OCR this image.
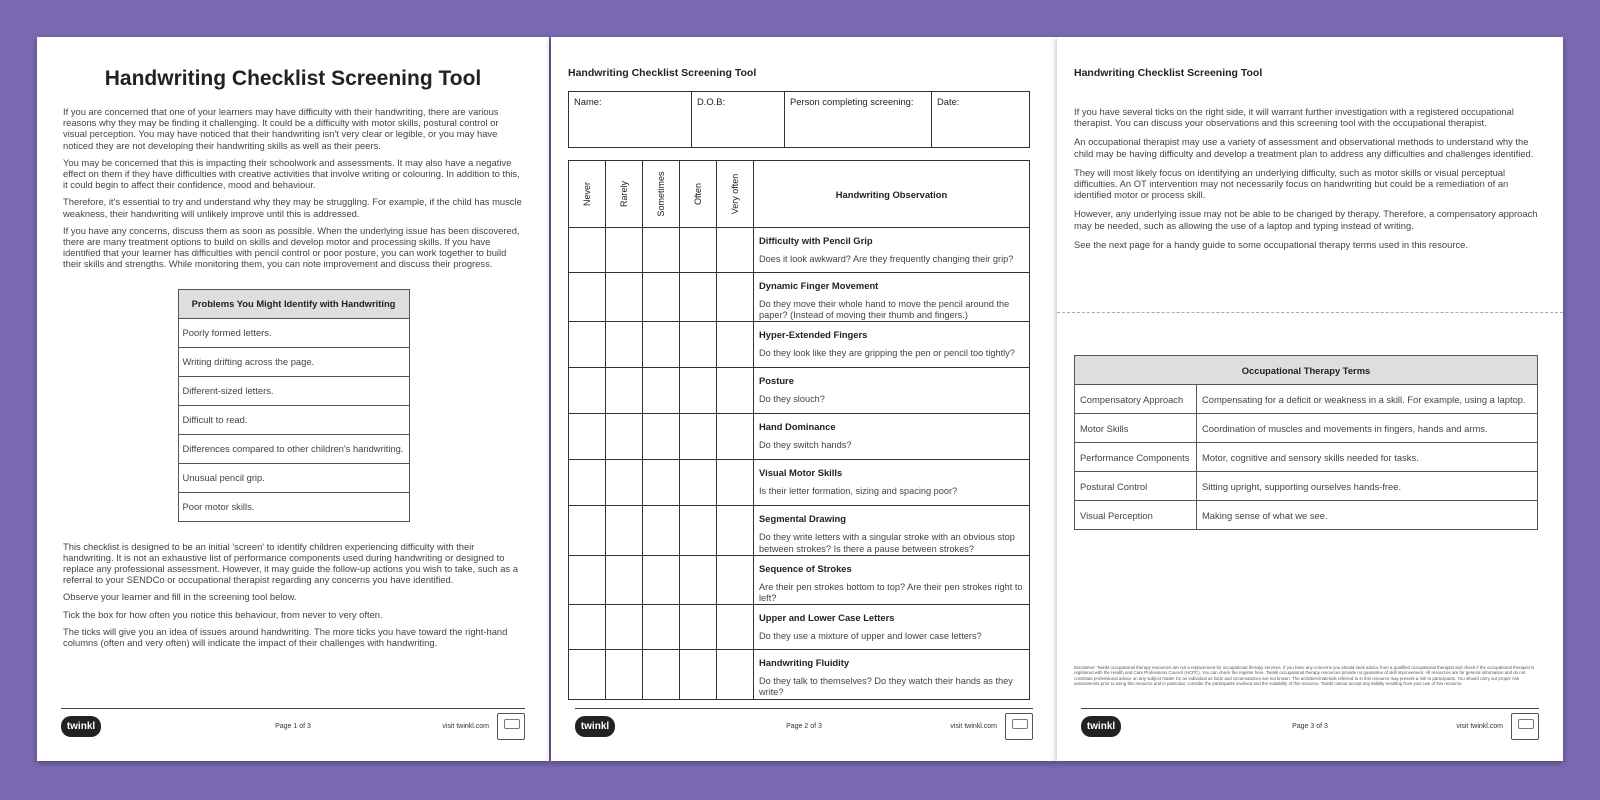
Handwriting Checklist Screening Tool

If you are concerned that one of your learners may have difficulty with their handwriting, there are various reasons why they may be finding it challenging. It could be a difficulty with motor skills, postural control or visual perception. You may have noticed that their handwriting isn't very clear or legible, or you may have noticed they are not developing their handwriting skills as well as their peers.

You may be concerned that this is impacting their schoolwork and assessments. It may also have a negative effect on them if they have difficulties with creative activities that involve writing or colouring. In addition to this, it could begin to affect their confidence, mood and behaviour.

Therefore, it's essential to try and understand why they may be struggling. For example, if the child has muscle weakness, their handwriting will unlikely improve until this is addressed.

If you have any concerns, discuss them as soon as possible. When the underlying issue has been discovered, there are many treatment options to build on skills and develop motor and processing skills. If you have identified that your learner has difficulties with pencil control or poor posture, you can work together to build their skills and strengths. While monitoring them, you can note improvement and discuss their progress.

Problems You Might Identify with Handwriting
Poorly formed letters.
Writing drifting across the page.
Different-sized letters.
Difficult to read.
Differences compared to other children's handwriting.
Unusual pencil grip.
Poor motor skills.

This checklist is designed to be an initial 'screen' to identify children experiencing difficulty with their handwriting. It is not an exhaustive list of performance components used during handwriting or designed to replace any professional assessment. However, it may guide the follow-up actions you wish to take, such as a referral to your SENDCo or occupational therapist regarding any concerns you have identified.

Observe your learner and fill in the screening tool below.

Tick the box for how often you notice this behaviour, from never to very often.

The ticks will give you an idea of issues around handwriting. The more ticks you have toward the right-hand columns (often and very often) will indicate the impact of their challenges with handwriting.

twinkl	Page 1 of 3	visit twinkl.com
Handwriting Checklist Screening Tool
Name:	D.O.B:	Person completing screening:	Date:
Never	Rarely	Sometimes	Often	Very often	Handwriting Observation

					Difficulty with Pencil Grip
Does it look awkward? Are they frequently changing their grip?

					Dynamic Finger Movement
Do they move their whole hand to move the pencil around the paper? (Instead of moving their thumb and fingers.)

					Hyper-Extended Fingers
Do they look like they are gripping the pen or pencil too tightly?

					Posture
Do they slouch?

					Hand Dominance
Do they switch hands?

					Visual Motor Skills
Is their letter formation, sizing and spacing poor?

					Segmental Drawing
Do they write letters with a singular stroke with an obvious stop between strokes? Is there a pause between strokes?

					Sequence of Strokes
Are their pen strokes bottom to top? Are their pen strokes right to left?

					Upper and Lower Case Letters
Do they use a mixture of upper and lower case letters?

					Handwriting Fluidity
Do they talk to themselves? Do they watch their hands as they write?
twinkl	Page 2 of 3	visit twinkl.com
Handwriting Checklist Screening Tool

If you have several ticks on the right side, it will warrant further investigation with a registered occupational therapist. You can discuss your observations and this screening tool with the occupational therapist.

An occupational therapist may use a variety of assessment and observational methods to understand why the child may be having difficulty and develop a treatment plan to address any difficulties and challenges identified.

They will most likely focus on identifying an underlying difficulty, such as motor skills or visual perceptual difficulties. An OT intervention may not necessarily focus on handwriting but could be a remediation of an identified motor or process skill.

However, any underlying issue may not be able to be changed by therapy. Therefore, a compensatory approach may be needed, such as allowing the use of a laptop and typing instead of writing.

See the next page for a handy guide to some occupational therapy terms used in this resource.

Occupational Therapy Terms	
Compensatory Approach	Compensating for a deficit or weakness in a skill. For example, using a laptop.
Motor Skills	Coordination of muscles and movements in fingers, hands and arms.
Performance Components	Motor, cognitive and sensory skills needed for tasks.
Postural Control	Sitting upright, supporting ourselves hands-free.
Visual Perception	Making sense of what we see.
Disclaimer: Twinkl occupational therapy resources are not a replacement for occupational therapy services. If you have any concerns you should seek advice from a qualified occupational therapist and check if the occupational therapist is registered with the Health and Care Professions Council (HCPC). You can check the register here. Twinkl occupational therapy resources provide no guarantee of skill improvement. All resources are for general information and do not constitute professional advice on any subject matter for an individual as facts and circumstances are not known. The activities/materials referred to in this resource may present a risk to participants. You should carry out proper risk assessments prior to using this resource and in particular, consider the participants involved and the suitability of this resource. Twinkl cannot accept any liability resulting from your use of this resource.
twinkl	Page 3 of 3	visit twinkl.com
